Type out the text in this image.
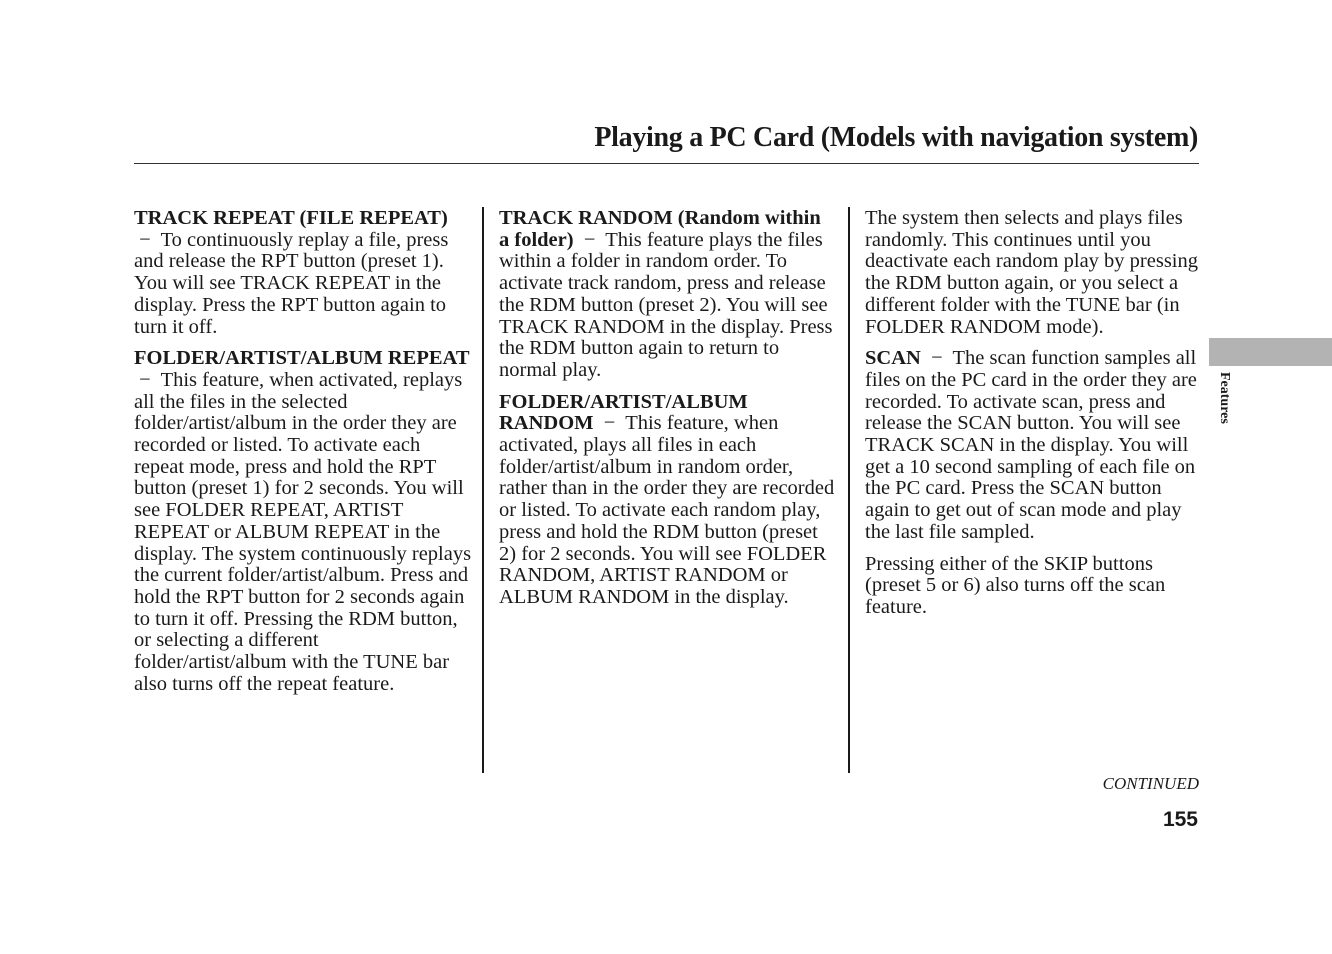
Playing a PC Card (Models with navigation system)

TRACK REPEAT (FILE REPEAT)
− To continuously replay a file, press and release the RPT button (preset 1). You will see TRACK REPEAT in the display. Press the RPT button again to turn it off.

FOLDER/ARTIST/ALBUM REPEAT  − This feature, when activated, replays all the files in the selected folder/artist/album in the order they are recorded or listed. To activate each repeat mode, press and hold the RPT button (preset 1) for 2 seconds. You will see FOLDER REPEAT, ARTIST REPEAT or ALBUM REPEAT in the display. The system continuously replays the current folder/artist/album. Press and hold the RPT button for 2 seconds again to turn it off. Pressing the RDM button, or selecting a different folder/artist/album with the TUNE bar also turns off the repeat feature.

TRACK RANDOM (Random within a folder) − This feature plays the files within a folder in random order. To activate track random, press and release the RDM button (preset 2). You will see TRACK RANDOM in the display. Press the RDM button again to return to normal play.

FOLDER/ARTIST/ALBUM RANDOM − This feature, when activated, plays all files in each folder/artist/album in random order, rather than in the order they are recorded or listed. To activate each random play, press and hold the RDM button (preset 2) for 2 seconds. You will see FOLDER RANDOM, ARTIST RANDOM or ALBUM RANDOM in the display.

The system then selects and plays files randomly. This continues until you deactivate each random play by pressing the RDM button again, or you select a different folder with the TUNE bar (in FOLDER RANDOM mode).

SCAN − The scan function samples all files on the PC card in the order they are recorded. To activate scan, press and release the SCAN button. You will see TRACK SCAN in the display. You will get a 10 second sampling of each file on the PC card. Press the SCAN button again to get out of scan mode and play the last file sampled.

Pressing either of the SKIP buttons (preset 5 or 6) also turns off the scan feature.

Features
CONTINUED
155
